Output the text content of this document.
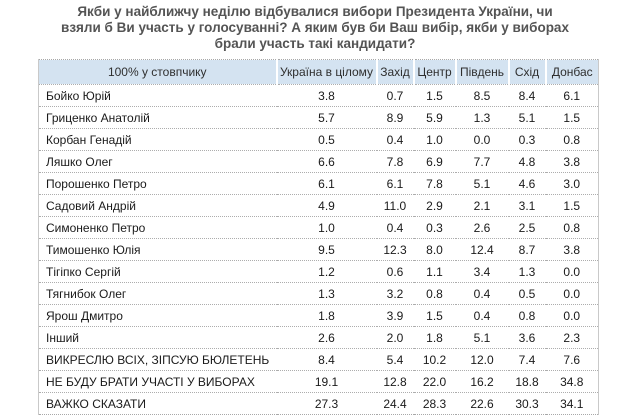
Якби у найближчу неділю відбувалися вибори Президента України, чи взяли б Ви участь у голосуванні? А яким був би Ваш вибір, якби у виборах брали участь такі кандидати?
100% у стовпчику	Україна в цілому	Захід	Центр	Південь	Схід	Донбас
Бойко Юрій	3.8	0.7	1.5	8.5	8.4	6.1
Гриценко Анатолій	5.7	8.9	5.9	1.3	5.1	1.5
Корбан Генадій	0.5	0.4	1.0	0.0	0.3	0.8
Ляшко Олег	6.6	7.8	6.9	7.7	4.8	3.8
Порошенко Петро	6.1	6.1	7.8	5.1	4.6	3.0
Садовий Андрій	4.9	11.0	2.9	2.1	3.1	1.5
Симоненко Петро	1.0	0.4	0.3	2.6	2.5	0.8
Тимошенко Юлія	9.5	12.3	8.0	12.4	8.7	3.8
Тігіпко Сергій	1.2	0.6	1.1	3.4	1.3	0.0
Тягнибок Олег	1.3	3.2	0.8	0.4	0.5	0.0
Ярош Дмитро	1.8	3.9	1.5	0.4	0.8	0.0
Інший	2.6	2.0	1.8	5.1	3.6	2.3
ВИКРЕСЛЮ ВСІХ, ЗІПСУЮ БЮЛЕТЕНЬ	8.4	5.4	10.2	12.0	7.4	7.6
НЕ БУДУ БРАТИ УЧАСТІ У ВИБОРАХ	19.1	12.8	22.0	16.2	18.8	34.8
ВАЖКО СКАЗАТИ	27.3	24.4	28.3	22.6	30.3	34.1
